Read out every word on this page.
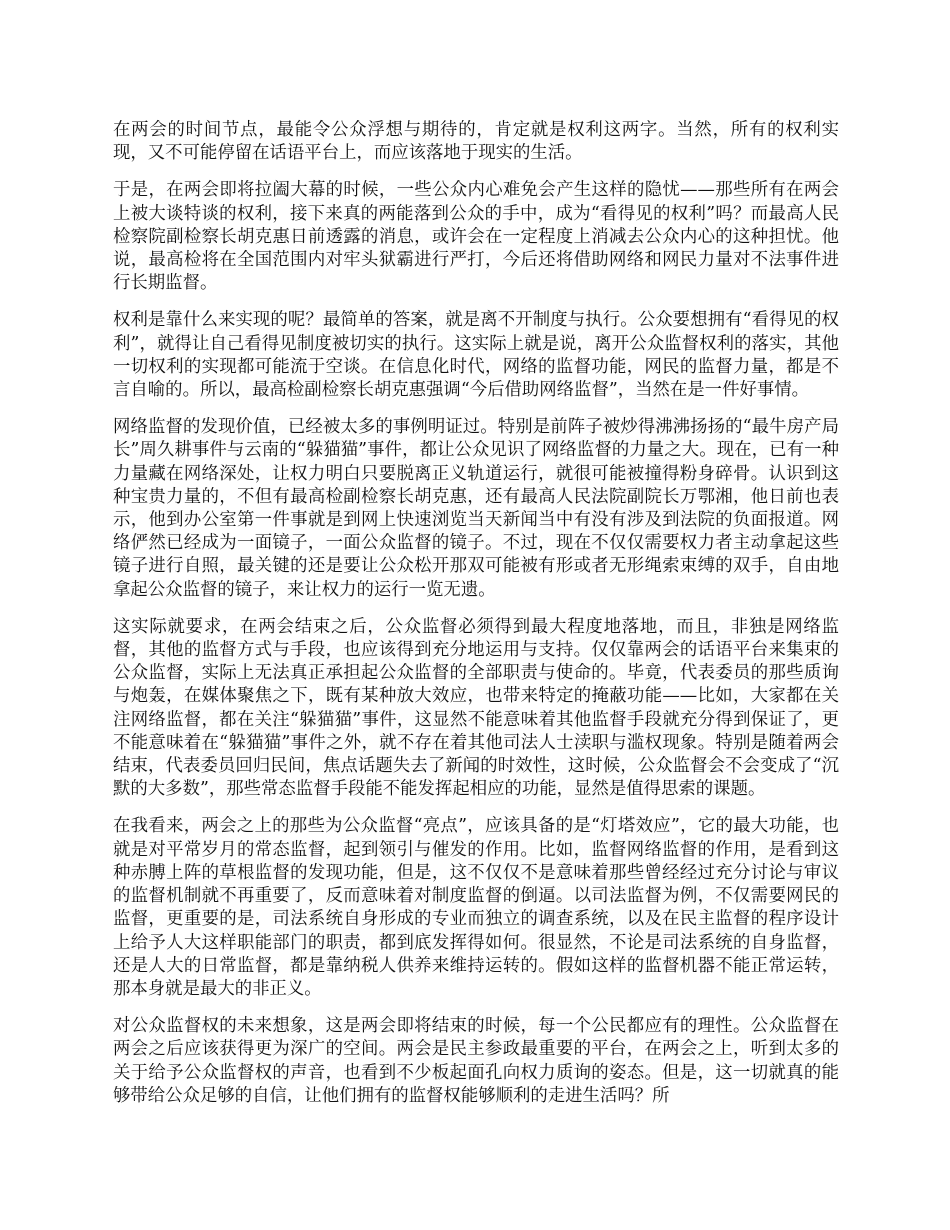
在两会的时间节点，最能令公众浮想与期待的，肯定就是权利这两字。当然，所有的权利实现，又不可能停留在话语平台上，而应该落地于现实的生活。

于是，在两会即将拉阖大幕的时候，一些公众内心难免会产生这样的隐忧——那些所有在两会上被大谈特谈的权利，接下来真的两能落到公众的手中，成为“看得见的权利”吗？而最高人民检察院副检察长胡克惠日前透露的消息，或许会在一定程度上消减去公众内心的这种担忧。他说，最高检将在全国范围内对牢头狱霸进行严打，今后还将借助网络和网民力量对不法事件进行长期监督。

权利是靠什么来实现的呢？最简单的答案，就是离不开制度与执行。公众要想拥有“看得见的权利”，就得让自己看得见制度被切实的执行。这实际上就是说，离开公众监督权利的落实，其他一切权利的实现都可能流于空谈。在信息化时代，网络的监督功能，网民的监督力量，都是不言自喻的。所以，最高检副检察长胡克惠强调“今后借助网络监督”，当然在是一件好事情。

网络监督的发现价值，已经被太多的事例明证过。特别是前阵子被炒得沸沸扬扬的“最牛房产局长”周久耕事件与云南的“躲猫猫”事件，都让公众见识了网络监督的力量之大。现在，已有一种力量藏在网络深处，让权力明白只要脱离正义轨道运行，就很可能被撞得粉身碎骨。认识到这种宝贵力量的，不但有最高检副检察长胡克惠，还有最高人民法院副院长万鄂湘，他日前也表示，他到办公室第一件事就是到网上快速浏览当天新闻当中有没有涉及到法院的负面报道。网络俨然已经成为一面镜子，一面公众监督的镜子。不过，现在不仅仅需要权力者主动拿起这些镜子进行自照，最关键的还是要让公众松开那双可能被有形或者无形绳索束缚的双手，自由地拿起公众监督的镜子，来让权力的运行一览无遗。

这实际就要求，在两会结束之后，公众监督必须得到最大程度地落地，而且，非独是网络监督，其他的监督方式与手段，也应该得到充分地运用与支持。仅仅靠两会的话语平台来集束的公众监督，实际上无法真正承担起公众监督的全部职责与使命的。毕竟，代表委员的那些质询与炮轰，在媒体聚焦之下，既有某种放大效应，也带来特定的掩蔽功能——比如，大家都在关注网络监督，都在关注“躲猫猫”事件，这显然不能意味着其他监督手段就充分得到保证了，更不能意味着在“躲猫猫”事件之外，就不存在着其他司法人士渎职与滥权现象。特别是随着两会结束，代表委员回归民间，焦点话题失去了新闻的时效性，这时候，公众监督会不会变成了“沉默的大多数”，那些常态监督手段能不能发挥起相应的功能，显然是值得思索的课题。

在我看来，两会之上的那些为公众监督“亮点”，应该具备的是“灯塔效应”，它的最大功能，也就是对平常岁月的常态监督，起到领引与催发的作用。比如，监督网络监督的作用，是看到这种赤膊上阵的草根监督的发现功能，但是，这不仅仅不是意味着那些曾经经过充分讨论与审议的监督机制就不再重要了，反而意味着对制度监督的倒逼。以司法监督为例，不仅需要网民的监督，更重要的是，司法系统自身形成的专业而独立的调查系统，以及在民主监督的程序设计上给予人大这样职能部门的职责，都到底发挥得如何。很显然，不论是司法系统的自身监督，还是人大的日常监督，都是靠纳税人供养来维持运转的。假如这样的监督机器不能正常运转，那本身就是最大的非正义。

对公众监督权的未来想象，这是两会即将结束的时候，每一个公民都应有的理性。公众监督在两会之后应该获得更为深广的空间。两会是民主参政最重要的平台，在两会之上，听到太多的关于给予公众监督权的声音，也看到不少板起面孔向权力质询的姿态。但是，这一切就真的能够带给公众足够的自信，让他们拥有的监督权能够顺利的走进生活吗？所
